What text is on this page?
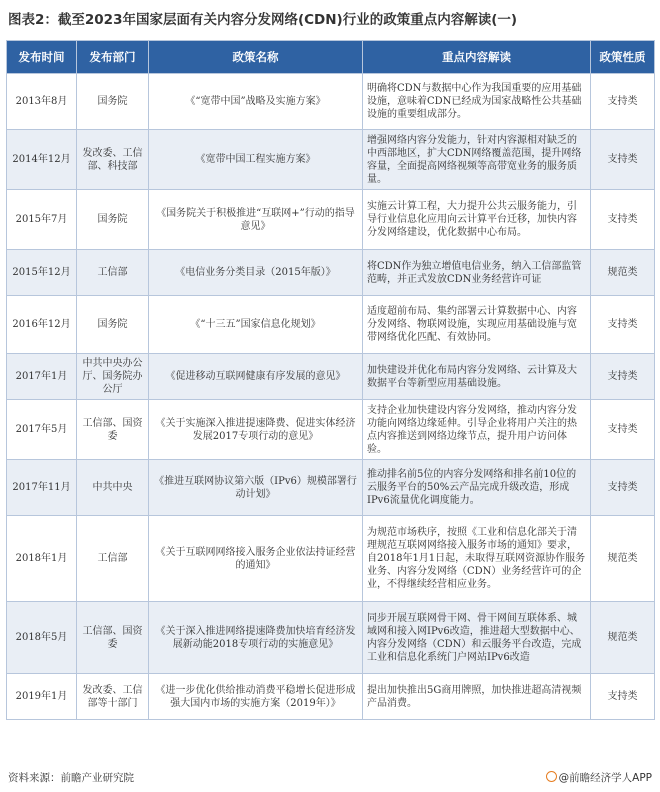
图表2：截至2023年国家层面有关内容分发网络(CDN)行业的政策重点内容解读(一)
发布时间	发布部门	政策名称	重点内容解读	政策性质
2013年8月	国务院	《“宽带中国”战略及实施方案》	明确将CDN与数据中心作为我国重要的应用基础设施，意味着CDN已经成为国家战略性公共基础设施的重要组成部分。	支持类
2014年12月	发改委、工信部、科技部	《宽带中国工程实施方案》	增强网络内容分发能力，针对内容源相对缺乏的中西部地区，扩大CDN网络覆盖范围，提升网络容量，全面提高网络视频等高带宽业务的服务质量。	支持类
2015年7月	国务院	《国务院关于积极推进“互联网+”行动的指导意见》	实施云计算工程，大力提升公共云服务能力，引导行业信息化应用向云计算平台迁移，加快内容分发网络建设，优化数据中心布局。	支持类
2015年12月	工信部	《电信业务分类目录（2015年版）》	将CDN作为独立增值电信业务，纳入工信部监管范畴，并正式发放CDN业务经营许可证	规范类
2016年12月	国务院	《“十三五”国家信息化规划》	适度超前布局、集约部署云计算数据中心、内容分发网络、物联网设施，实现应用基础设施与宽带网络优化匹配、有效协同。	支持类
2017年1月	中共中央办公厅、国务院办公厅	《促进移动互联网健康有序发展的意见》	加快建设并优化布局内容分发网络、云计算及大数据平台等新型应用基础设施。	支持类
2017年5月	工信部、国资委	《关于实施深入推进提速降费、促进实体经济发展2017专项行动的意见》	支持企业加快建设内容分发网络，推动内容分发功能向网络边缘延伸。引导企业将用户关注的热点内容推送到网络边缘节点，提升用户访问体验。	支持类
2017年11月	中共中央	《推进互联网协议第六版（IPv6）规模部署行动计划》	推动排名前5位的内容分发网络和排名前10位的云服务平台的50%云产品完成升级改造，形成IPv6流量优化调度能力。	支持类
2018年1月	工信部	《关于互联网网络接入服务企业依法持证经营的通知》	为规范市场秩序，按照《工业和信息化部关于清理规范互联网网络接入服务市场的通知》要求，自2018年1月1日起，未取得互联网资源协作服务业务、内容分发网络（CDN）业务经营许可的企业，不得继续经营相应业务。	规范类
2018年5月	工信部、国资委	《关于深入推进网络提速降费加快培育经济发展新动能2018专项行动的实施意见》	同步开展互联网骨干网、骨干网间互联体系、城域网和接入网IPv6改造，推进超大型数据中心、内容分发网络（CDN）和云服务平台改造，完成工业和信息化系统门户网站IPv6改造	规范类
2019年1月	发改委、工信部等十部门	《进一步优化供给推动消费平稳增长促进形成强大国内市场的实施方案（2019年）》	提出加快推出5G商用牌照，加快推进超高清视频产品消费。	支持类
资料来源：前瞻产业研究院	@前瞻经济学人APP
